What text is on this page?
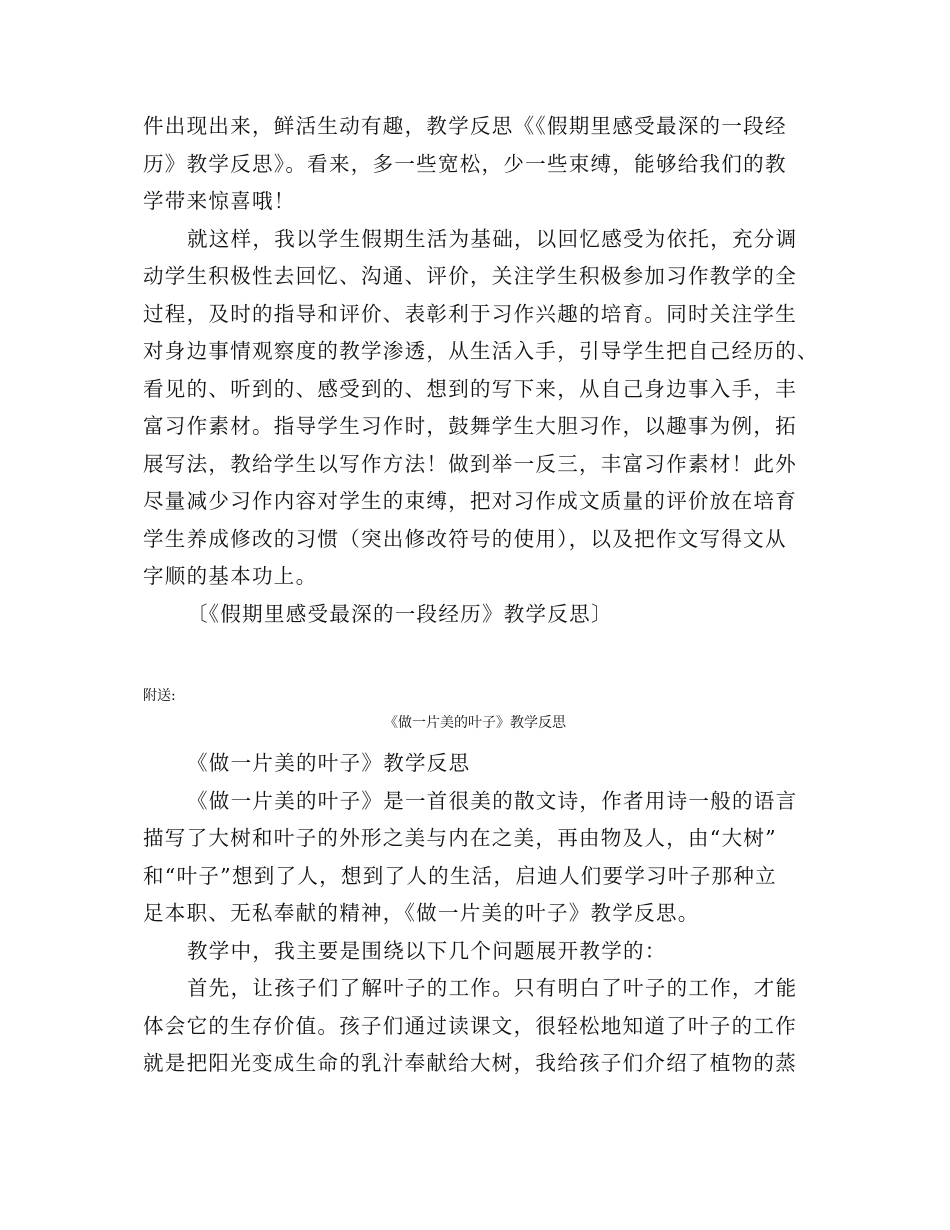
件出现出来，鲜活生动有趣，教学反思《《假期里感受最深的一段经
历》教学反思》。看来，多一些宽松，少一些束缚，能够给我们的教
学带来惊喜哦！
就这样，我以学生假期生活为基础，以回忆感受为依托，充分调
动学生积极性去回忆、沟通、评价，关注学生积极参加习作教学的全
过程，及时的指导和评价、表彰利于习作兴趣的培育。同时关注学生
对身边事情观察度的教学渗透，从生活入手，引导学生把自己经历的、
看见的、听到的、感受到的、想到的写下来，从自己身边事入手，丰
富习作素材。指导学生习作时，鼓舞学生大胆习作，以趣事为例，拓
展写法，教给学生以写作方法！做到举一反三，丰富习作素材！此外
尽量减少习作内容对学生的束缚，把对习作成文质量的评价放在培育
学生养成修改的习惯（突出修改符号的使用），以及把作文写得文从
字顺的基本功上。
〔《假期里感受最深的一段经历》教学反思〕
附送:
《做一片美的叶子》教学反思
《做一片美的叶子》教学反思
《做一片美的叶子》是一首很美的散文诗，作者用诗一般的语言
描写了大树和叶子的外形之美与内在之美，再由物及人，由“大树”
和“叶子”想到了人，想到了人的生活，启迪人们要学习叶子那种立
足本职、无私奉献的精神，《做一片美的叶子》教学反思。
教学中，我主要是围绕以下几个问题展开教学的：
首先，让孩子们了解叶子的工作。只有明白了叶子的工作，才能
体会它的生存价值。孩子们通过读课文，很轻松地知道了叶子的工作
就是把阳光变成生命的乳汁奉献给大树，我给孩子们介绍了植物的蒸
